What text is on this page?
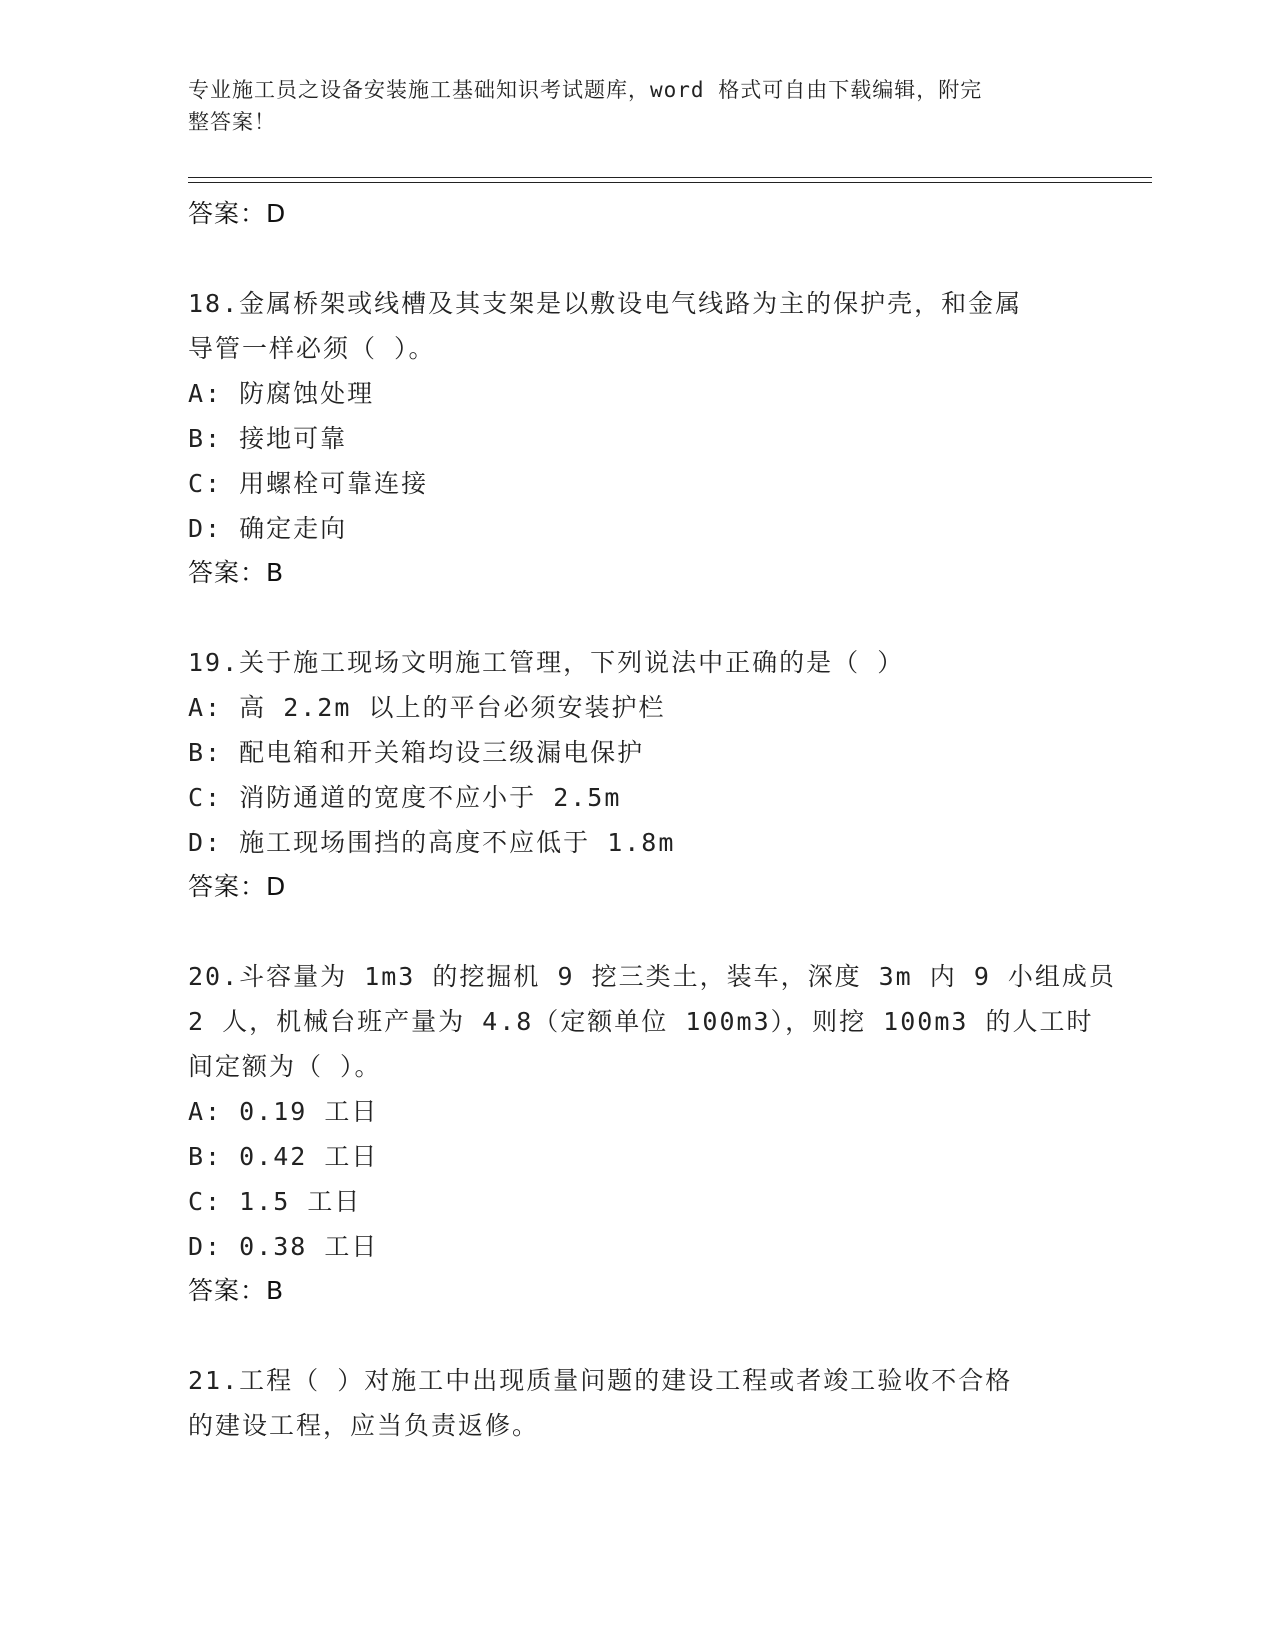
专业施工员之设备安装施工基础知识考试题库，word 格式可自由下载编辑，附完
整答案！
答案：D
18.金属桥架或线槽及其支架是以敷设电气线路为主的保护壳，和金属
导管一样必须（ ）。
A: 防腐蚀处理
B: 接地可靠
C: 用螺栓可靠连接
D: 确定走向
答案：B
19.关于施工现场文明施工管理，下列说法中正确的是（ ）
A: 高 2.2m 以上的平台必须安装护栏
B: 配电箱和开关箱均设三级漏电保护
C: 消防通道的宽度不应小于 2.5m
D: 施工现场围挡的高度不应低于 1.8m
答案：D
20.斗容量为 1m3 的挖掘机 9 挖三类土，装车，深度 3m 内 9 小组成员
2 人，机械台班产量为 4.8（定额单位 100m3），则挖 100m3 的人工时
间定额为（ ）。
A: 0.19 工日
B: 0.42 工日
C: 1.5 工日
D: 0.38 工日
答案：B
21.工程（ ）对施工中出现质量问题的建设工程或者竣工验收不合格
的建设工程，应当负责返修。
